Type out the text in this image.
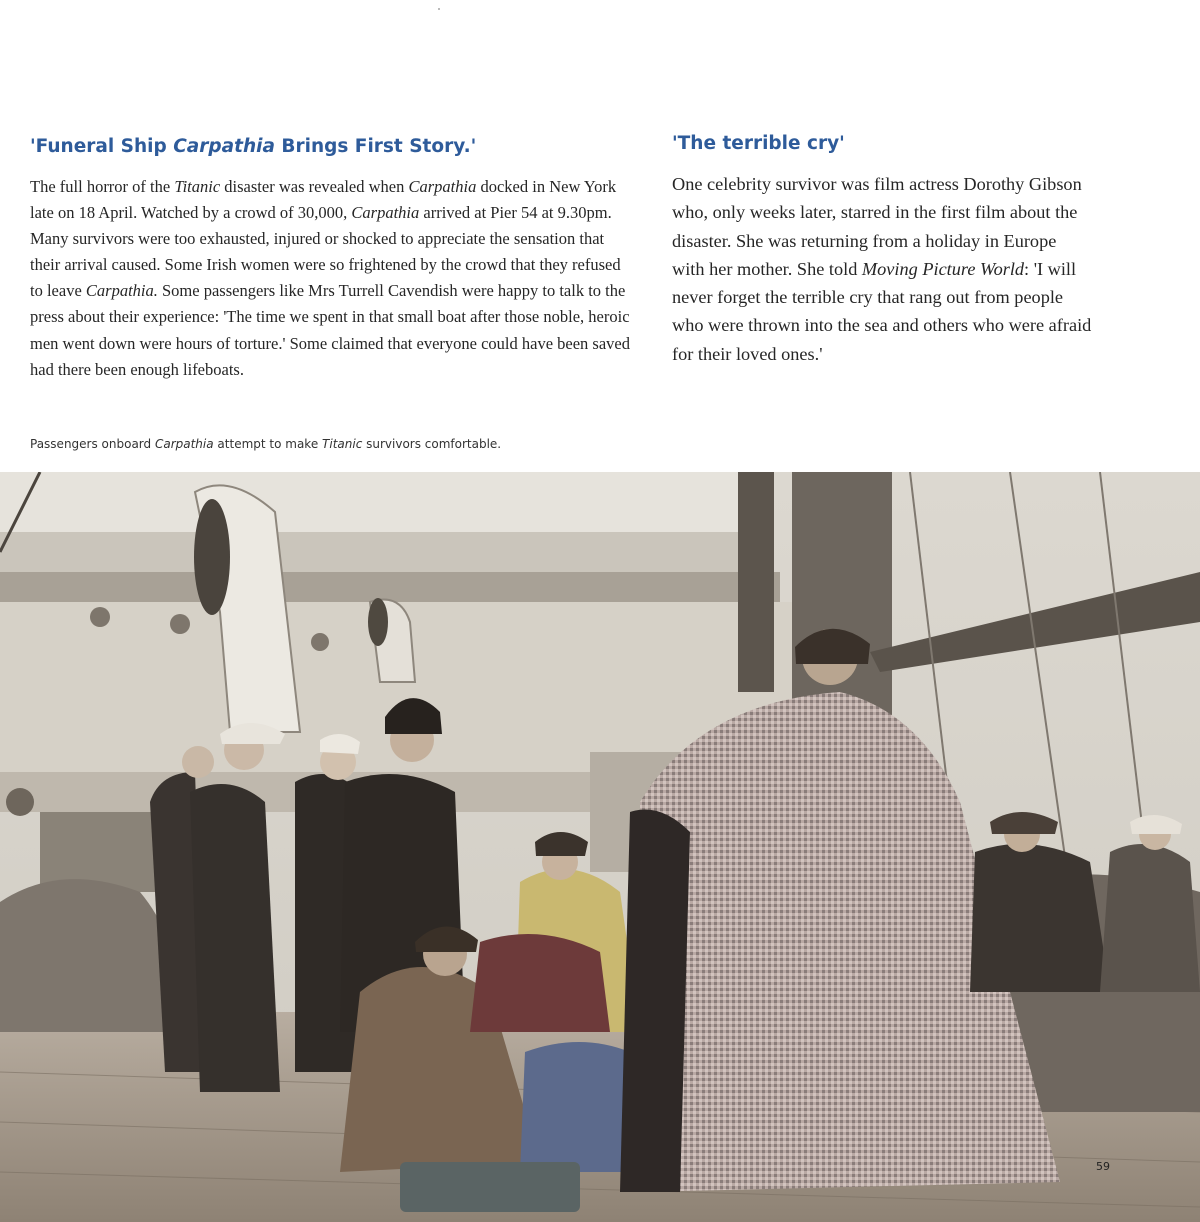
'Funeral Ship Carpathia Brings First Story.'

The full horror of the Titanic disaster was revealed when Carpathia docked in New York late on 18 April. Watched by a crowd of 30,000, Carpathia arrived at Pier 54 at 9.30pm. Many survivors were too exhausted, injured or shocked to appreciate the sensation that their arrival caused. Some Irish women were so frightened by the crowd that they refused to leave Carpathia. Some passengers like Mrs Turrell Cavendish were happy to talk to the press about their experience: 'The time we spent in that small boat after those noble, heroic men went down were hours of torture.' Some claimed that everyone could have been saved had there been enough lifeboats.

'The terrible cry'

One celebrity survivor was film actress Dorothy Gibson who, only weeks later, starred in the first film about the disaster. She was returning from a holiday in Europe with her mother. She told Moving Picture World: 'I will never forget the terrible cry that rang out from people who were thrown into the sea and others who were afraid for their loved ones.'

Passengers onboard Carpathia attempt to make Titanic survivors comfortable.
59
